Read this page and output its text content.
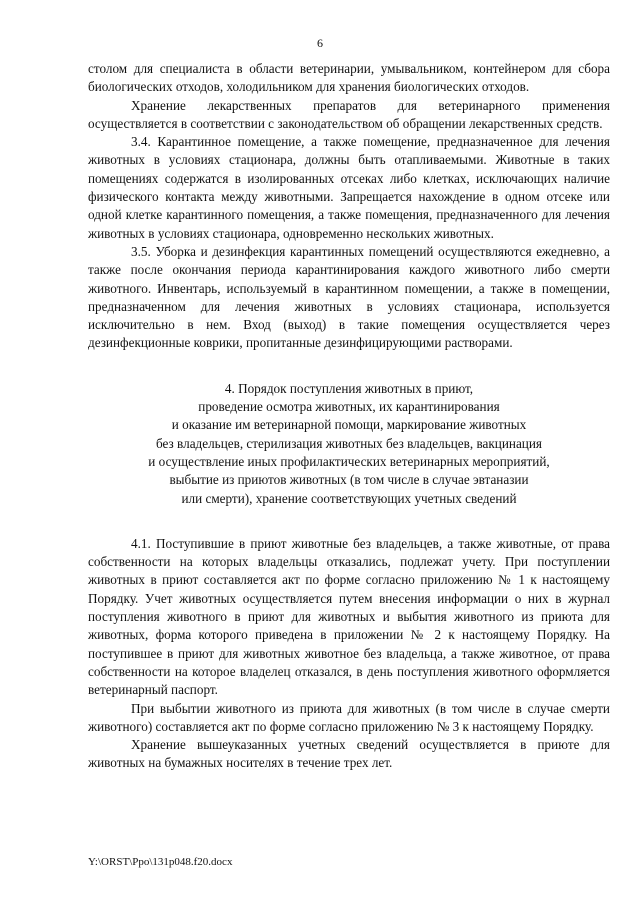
6

столом для специалиста в области ветеринарии, умывальником, контейнером для сбора биологических отходов, холодильником для хранения биологических отходов.

Хранение лекарственных препаратов для ветеринарного применения осуществляется в соответствии с законодательством об обращении лекарственных средств.

3.4. Карантинное помещение, а также помещение, предназначенное для лечения животных в условиях стационара, должны быть отапливаемыми. Животные в таких помещениях содержатся в изолированных отсеках либо клетках, исключающих наличие физического контакта между животными. Запрещается нахождение в одном отсеке или одной клетке карантинного помещения, а также помещения, предназначенного для лечения животных в условиях стационара, одновременно нескольких животных.

3.5. Уборка и дезинфекция карантинных помещений осуществляются ежедневно, а также после окончания периода карантинирования каждого животного либо смерти животного. Инвентарь, используемый в карантинном помещении, а также в помещении, предназначенном для лечения животных в условиях стационара, используется исключительно в нем. Вход (выход) в такие помещения осуществляется через дезинфекционные коврики, пропитанные дезинфицирующими растворами.

4. Порядок поступления животных в приют,
проведение осмотра животных, их карантинирования
и оказание им ветеринарной помощи, маркирование животных
без владельцев, стерилизация животных без владельцев, вакцинация
и осуществление иных профилактических ветеринарных мероприятий,
выбытие из приютов животных (в том числе в случае эвтаназии
или смерти), хранение соответствующих учетных сведений

4.1. Поступившие в приют животные без владельцев, а также животные, от права собственности на которых владельцы отказались, подлежат учету. При поступлении животных в приют составляется акт по форме согласно приложению № 1 к настоящему Порядку. Учет животных осуществляется путем внесения информации о них в журнал поступления животного в приют для животных и выбытия животного из приюта для животных, форма которого приведена в приложении № 2 к настоящему Порядку. На поступившее в приют для животных животное без владельца, а также животное, от права собственности на которое владелец отказался, в день поступления животного оформляется ветеринарный паспорт.

При выбытии животного из приюта для животных (в том числе в случае смерти животного) составляется акт по форме согласно приложению № 3 к настоящему Порядку.

Хранение вышеуказанных учетных сведений осуществляется в приюте для животных на бумажных носителях в течение трех лет.

Y:\ORST\Ppo\131p048.f20.docx
